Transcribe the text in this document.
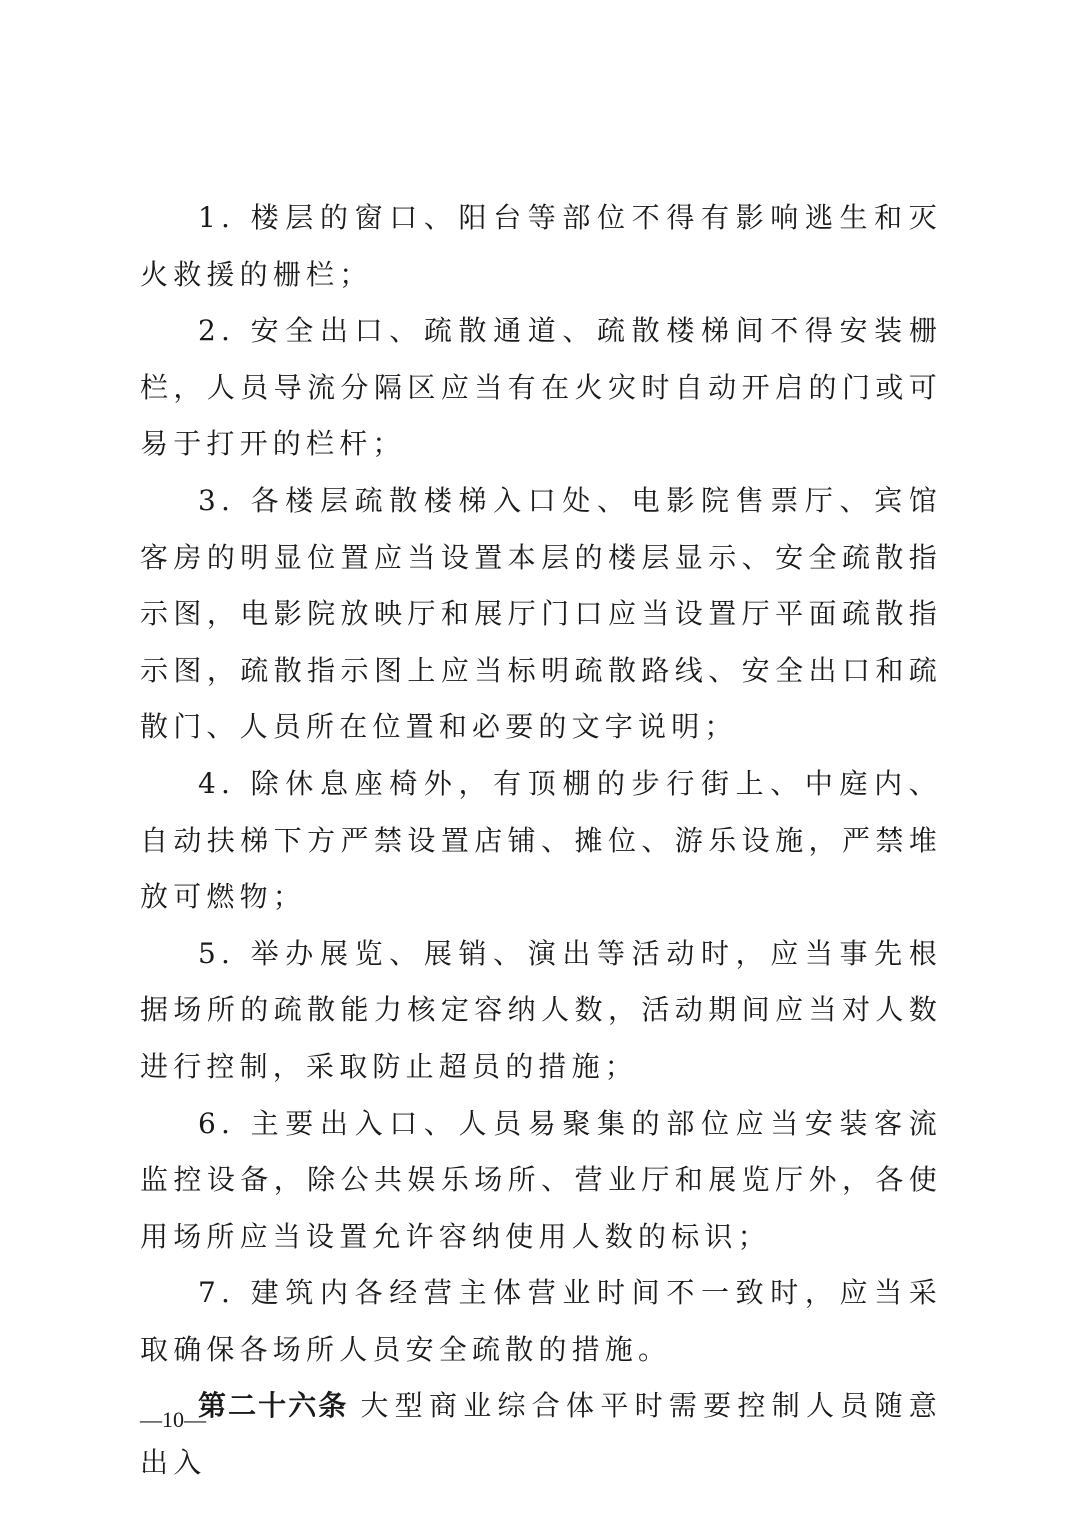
1. 楼层的窗口、阳台等部位不得有影响逃生和灭火救援的栅栏；

2. 安全出口、疏散通道、疏散楼梯间不得安装栅栏，人员导流分隔区应当有在火灾时自动开启的门或可易于打开的栏杆；

3. 各楼层疏散楼梯入口处、电影院售票厅、宾馆客房的明显位置应当设置本层的楼层显示、安全疏散指示图，电影院放映厅和展厅门口应当设置厅平面疏散指示图，疏散指示图上应当标明疏散路线、安全出口和疏散门、人员所在位置和必要的文字说明；

4. 除休息座椅外，有顶棚的步行街上、中庭内、自动扶梯下方严禁设置店铺、摊位、游乐设施，严禁堆放可燃物；

5. 举办展览、展销、演出等活动时，应当事先根据场所的疏散能力核定容纳人数，活动期间应当对人数进行控制，采取防止超员的措施；

6. 主要出入口、人员易聚集的部位应当安装客流监控设备，除公共娱乐场所、营业厅和展览厅外，各使用场所应当设置允许容纳使用人数的标识；

7. 建筑内各经营主体营业时间不一致时，应当采取确保各场所人员安全疏散的措施。

第二十六条 大型商业综合体平时需要控制人员随意出入

—10—
